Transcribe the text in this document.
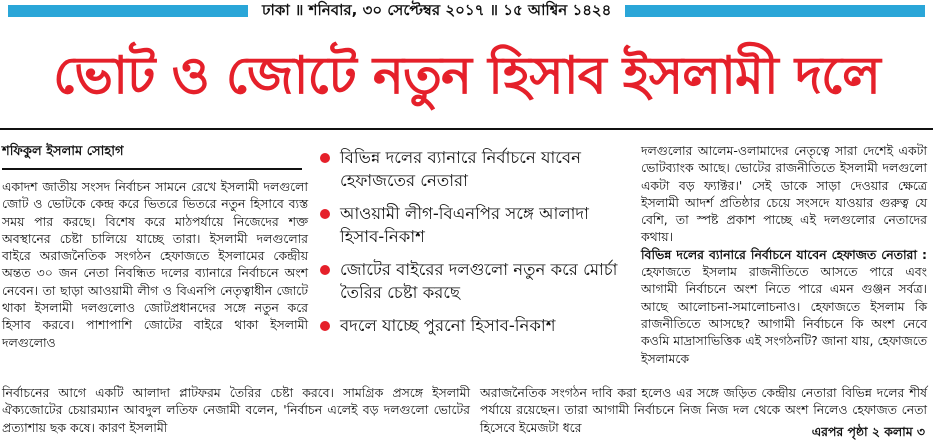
ঢাকা ॥ শনিবার, ৩০ সেপ্টেম্বর ২০১৭ ॥ ১৫ আশ্বিন ১৪২৪
ভোট ও জোটে নতুন হিসাব ইসলামী দলে
শফিকুল ইসলাম সোহাগ

একাদশ জাতীয় সংসদ নির্বাচন সামনে রেখে ইসলামী দলগুলো জোট ও ভোটকে কেন্দ্র করে ভিতরে ভিতরে নতুন হিসাবে ব্যস্ত সময় পার করছে। বিশেষ করে মাঠপর্যায়ে নিজেদের শক্ত অবস্থানের চেষ্টা চালিয়ে যাচ্ছে তারা। ইসলামী দলগুলোর বাইরে অরাজনৈতিক সংগঠন হেফাজতে ইসলামের কেন্দ্রীয় অন্তত ৩০ জন নেতা নিবন্ধিত দলের ব্যানারে নির্বাচনে অংশ নেবেন। তা ছাড়া আওয়ামী লীগ ও বিএনপি নেতৃত্বাধীন জোটে থাকা ইসলামী দলগুলোও জোটপ্রধানদের সঙ্গে নতুন করে হিসাব করবে। পাশাপাশি জোটের বাইরে থাকা ইসলামী দলগুলোও

বিভিন্ন দলের ব্যানারে নির্বাচনে যাবেন হেফাজতের নেতারা
আওয়ামী লীগ-বিএনপির সঙ্গে আলাদা হিসাব-নিকাশ
জোটের বাইরের দলগুলো নতুন করে মোর্চা তৈরির চেষ্টা করছে
বদলে যাচ্ছে পুরনো হিসাব-নিকাশ

দলগুলোর আলেম-ওলামাদের নেতৃত্বে সারা দেশেই একটা ভোটব্যাংক আছে। ভোটের রাজনীতিতে ইসলামী দলগুলো একটা বড় ফ্যাক্টর।' সেই ডাকে সাড়া দেওয়ার ক্ষেত্রে ইসলামী আদর্শ প্রতিষ্ঠার চেয়ে সংসদে যাওয়ার গুরুত্ব যে বেশি, তা স্পষ্ট প্রকাশ পাচ্ছে এই দলগুলোর নেতাদের কথায়।

বিভিন্ন দলের ব্যানারে নির্বাচনে যাবেন হেফাজত নেতারা : হেফাজতে ইসলাম রাজনীতিতে আসতে পারে এবং আগামী নির্বাচনে অংশ নিতে পারে এমন গুঞ্জন সর্বত্র। আছে আলোচনা-সমালোচনাও। হেফাজতে ইসলাম কি রাজনীতিতে আসছে? আগামী নির্বাচনে কি অংশ নেবে কওমি মাদ্রাসাভিত্তিক এই সংগঠনটি? জানা যায়, হেফাজতে ইসলামকে

নির্বাচনের আগে একটি আলাদা প্লাটফরম তৈরির চেষ্টা করবে। সামগ্রিক প্রসঙ্গে ইসলামী ঐক্যজোটের চেয়ারম্যান আবদুল লতিফ নেজামী বলেন, 'নির্বাচন এলেই বড় দলগুলো ভোটের প্রত্যাশায় ছক কষে। কারণ ইসলামী
অরাজনৈতিক সংগঠন দাবি করা হলেও এর সঙ্গে জড়িত কেন্দ্রীয় নেতারা বিভিন্ন দলের শীর্ষ পর্যায়ে রয়েছেন। তারা আগামী নির্বাচনে নিজ নিজ দল থেকে অংশ নিলেও হেফাজত নেতা হিসেবে ইমেজটা ধরে	এরপর পৃষ্ঠা ২ কলাম ৩
